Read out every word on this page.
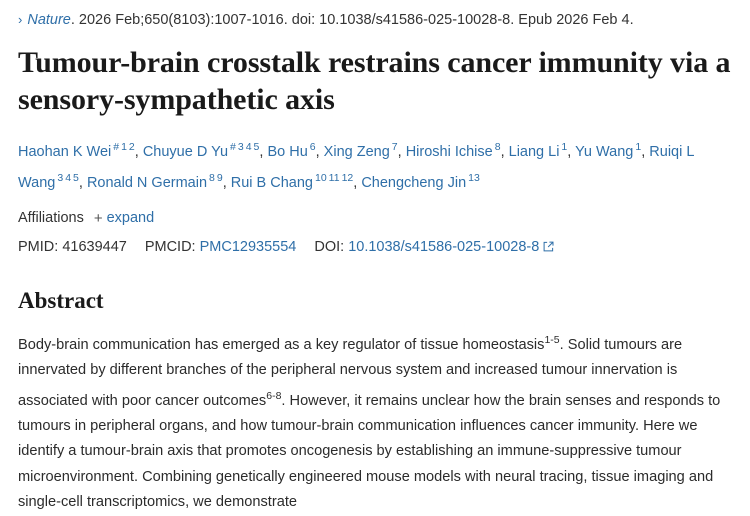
› Nature . 2026 Feb;650(8103):1007-1016. doi: 10.1038/s41586-025-10028-8. Epub 2026 Feb 4.
Tumour-brain crosstalk restrains cancer immunity via a sensory-sympathetic axis
Haohan K Wei # $^1$ $^2$, Chuyue D Yu # $^3$ $^4$ $^5$, Bo Hu $^6$, Xing Zeng $^7$, Hiroshi Ichise $^8$, Liang Li $^1$, Yu Wang $^1$, Ruiqi L Wang $^3$ $^4$ $^5$, Ronald N Germain $^8$ $^9$, Rui B Chang $^{10}$ $^{11}$ $^{12}$, Chengcheng Jin $^{13}$
Affiliations + expand
PMID:
41639447 PMCID:
PMC12935554 DOI:
10.1038/s41586-025-10028-8
Abstract
Body-brain communication has emerged as a key regulator of tissue homeostasis$^{1-5}$. Solid tumours are innervated by different branches of the peripheral nervous system and increased tumour innervation is associated with poor cancer outcomes$^{6-8}$. However, it remains unclear how the brain senses and responds to tumours in peripheral organs, and how tumour-brain communication influences cancer immunity. Here we identify a tumour-brain axis that promotes oncogenesis by establishing an immune-suppressive tumour microenvironment. Combining genetically engineered mouse models with neural tracing, tissue imaging and single-cell transcriptomics, we demonstrate
